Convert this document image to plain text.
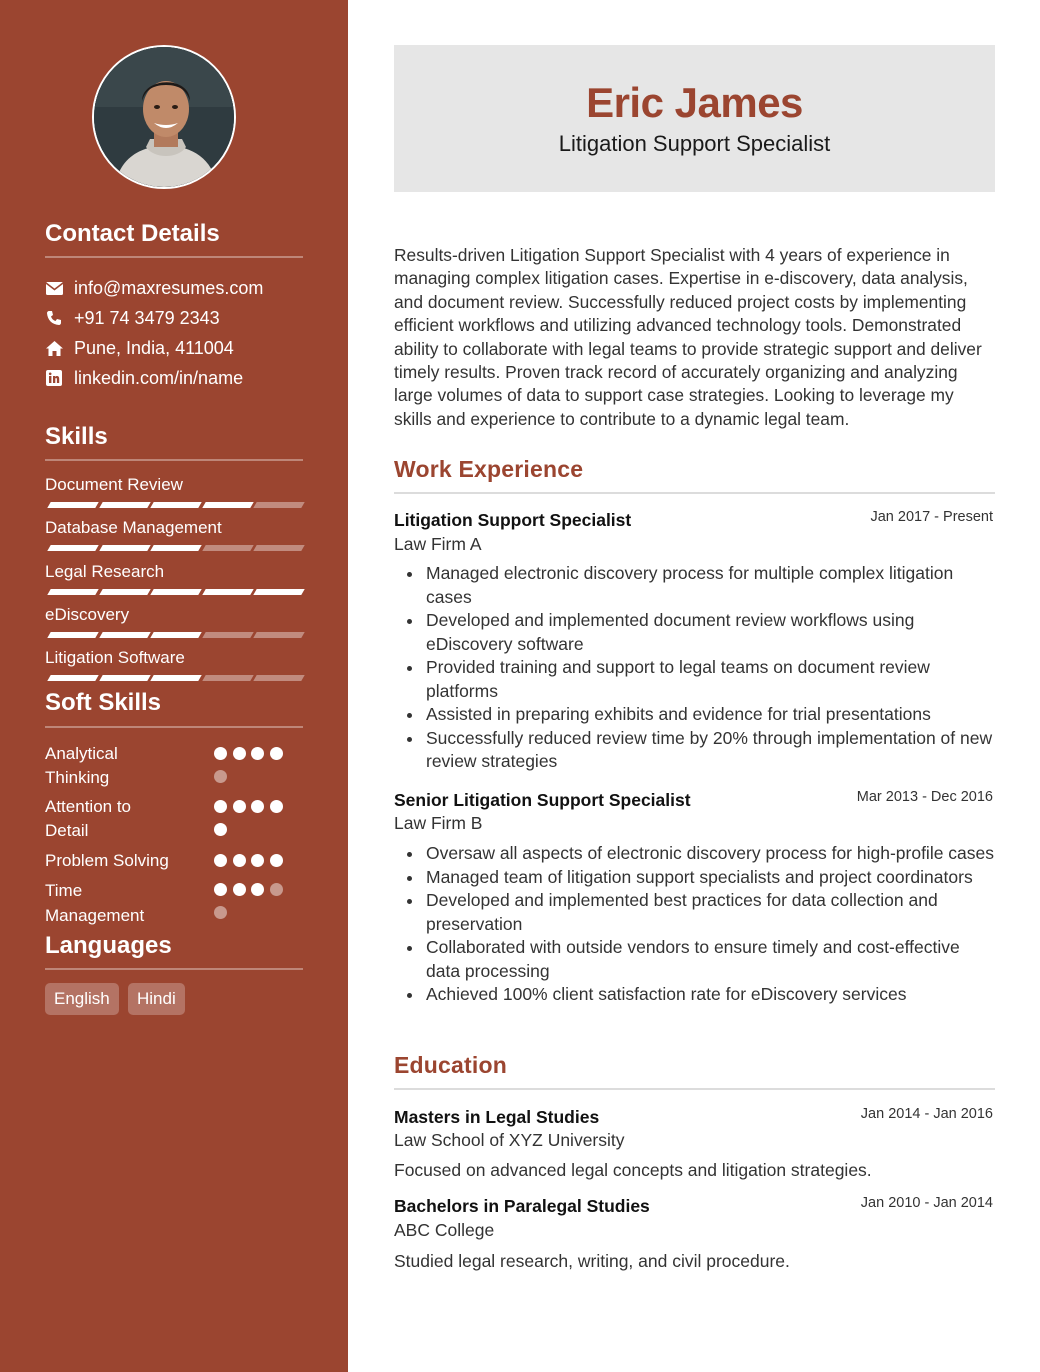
Contact Details
info@maxresumes.com
+91 74 3479 2343
Pune, India, 411004
linkedin.com/in/name
Skills
Document Review
Database Management
Legal Research
eDiscovery
Litigation Software
Soft Skills
Analytical Thinking
Attention to Detail
Problem Solving
Time Management
Languages
English	Hindi
Eric James
Litigation Support Specialist
Results-driven Litigation Support Specialist with 4 years of experience in managing complex litigation cases. Expertise in e-discovery, data analysis, and document review. Successfully reduced project costs by implementing efficient workflows and utilizing advanced technology tools. Demonstrated ability to collaborate with legal teams to provide strategic support and deliver timely results. Proven track record of accurately organizing and analyzing large volumes of data to support case strategies. Looking to leverage my skills and experience to contribute to a dynamic legal team.
Work Experience
Litigation Support Specialist	Jan 2017 - Present
Law Firm A
Managed electronic discovery process for multiple complex litigation cases
Developed and implemented document review workflows using eDiscovery software
Provided training and support to legal teams on document review platforms
Assisted in preparing exhibits and evidence for trial presentations
Successfully reduced review time by 20% through implementation of new review strategies
Senior Litigation Support Specialist	Mar 2013 - Dec 2016
Law Firm B
Oversaw all aspects of electronic discovery process for high-profile cases
Managed team of litigation support specialists and project coordinators
Developed and implemented best practices for data collection and preservation
Collaborated with outside vendors to ensure timely and cost-effective data processing
Achieved 100% client satisfaction rate for eDiscovery services
Education
Masters in Legal Studies	Jan 2014 - Jan 2016
Law School of XYZ University
Focused on advanced legal concepts and litigation strategies.
Bachelors in Paralegal Studies	Jan 2010 - Jan 2014
ABC College
Studied legal research, writing, and civil procedure.
